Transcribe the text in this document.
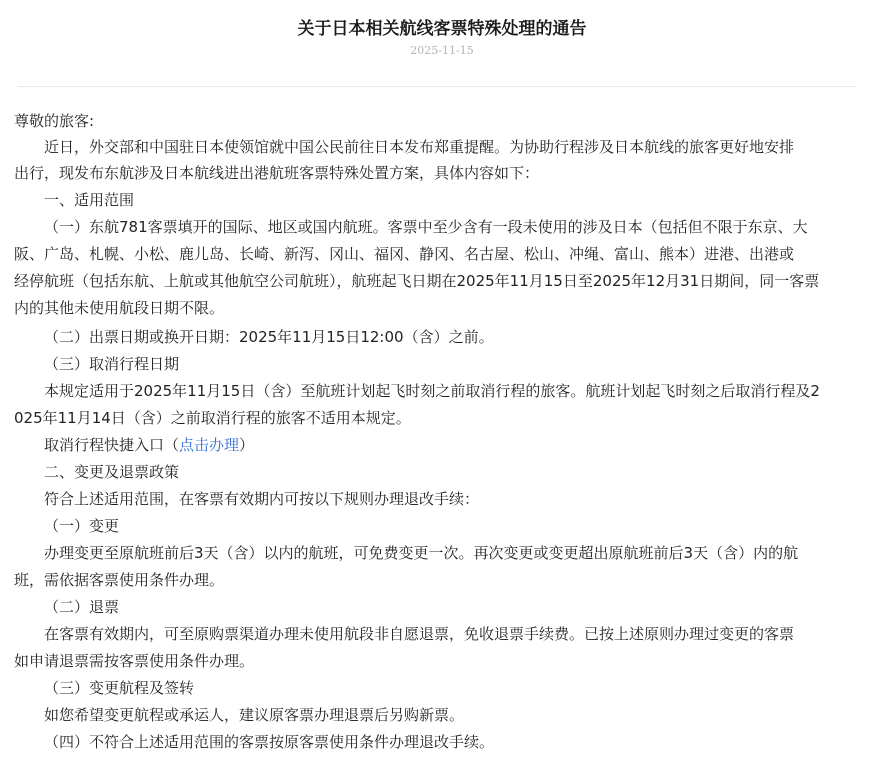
关于日本相关航线客票特殊处理的通告
2025-11-15
尊敬的旅客:
近日，外交部和中国驻日本使领馆就中国公民前往日本发布郑重提醒。为协助行程涉及日本航线的旅客更好地安排
出行，现发布东航涉及日本航线进出港航班客票特殊处置方案，具体内容如下：
一、适用范围
（一）东航781客票填开的国际、地区或国内航班。客票中至少含有一段未使用的涉及日本（包括但不限于东京、大
阪、广岛、札幌、小松、鹿儿岛、长崎、新泻、冈山、福冈、静冈、名古屋、松山、冲绳、富山、熊本）进港、出港或
经停航班（包括东航、上航或其他航空公司航班），航班起飞日期在2025年11月15日至2025年12月31日期间，同一客票
内的其他未使用航段日期不限。
（二）出票日期或换开日期：2025年11月15日12:00（含）之前。
（三）取消行程日期
本规定适用于2025年11月15日（含）至航班计划起飞时刻之前取消行程的旅客。航班计划起飞时刻之后取消行程及2
025年11月14日（含）之前取消行程的旅客不适用本规定。
取消行程快捷入口（点击办理）
二、变更及退票政策
符合上述适用范围，在客票有效期内可按以下规则办理退改手续：
（一）变更
办理变更至原航班前后3天（含）以内的航班，可免费变更一次。再次变更或变更超出原航班前后3天（含）内的航
班，需依据客票使用条件办理。
（二）退票
在客票有效期内，可至原购票渠道办理未使用航段非自愿退票，免收退票手续费。已按上述原则办理过变更的客票
如申请退票需按客票使用条件办理。
（三）变更航程及签转
如您希望变更航程或承运人，建议原客票办理退票后另购新票。
（四）不符合上述适用范围的客票按原客票使用条件办理退改手续。
